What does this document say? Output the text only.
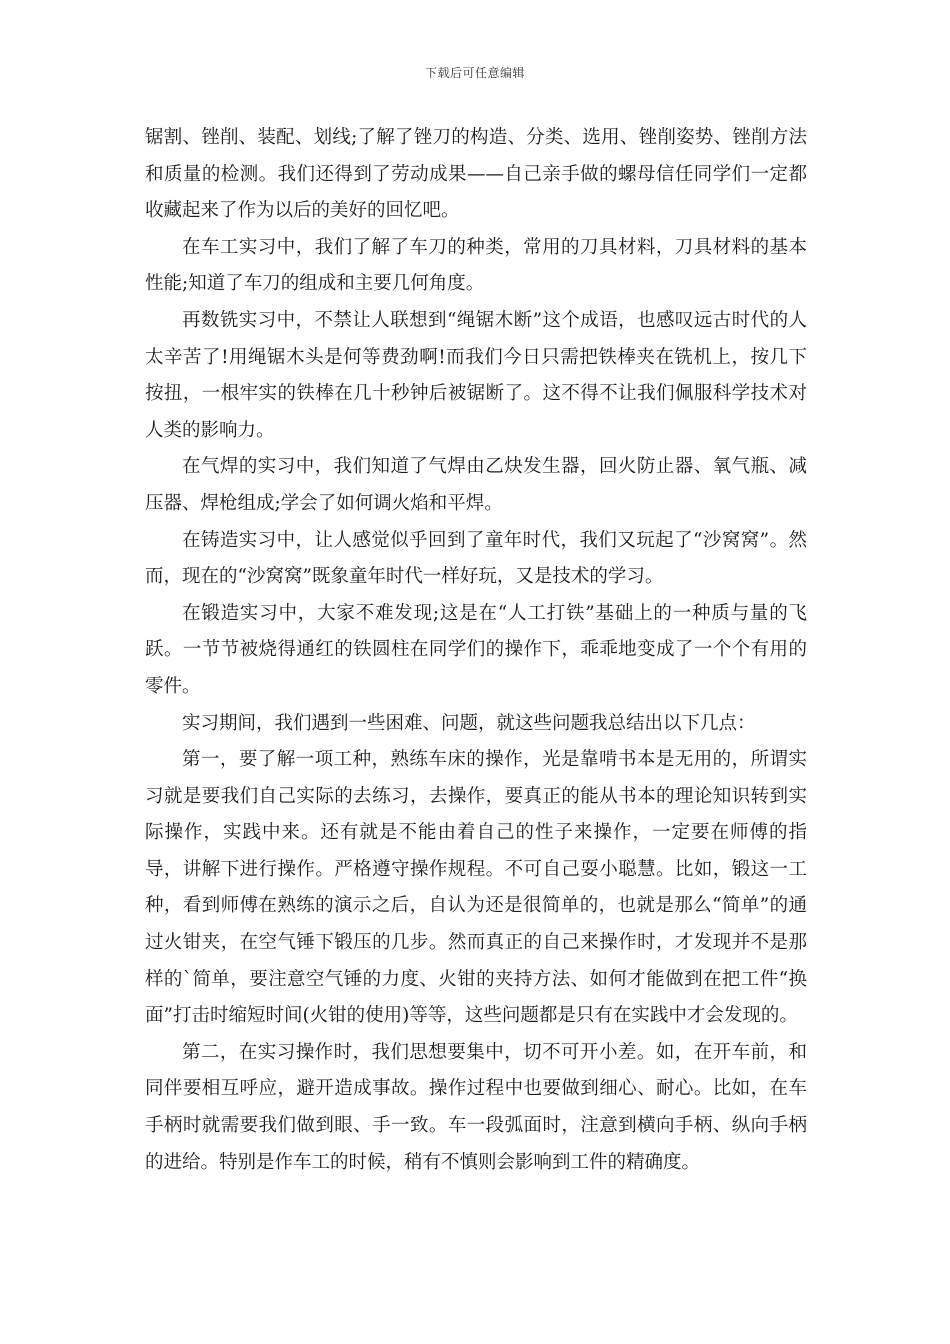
下载后可任意编辑

锯割、锉削、装配、划线;了解了锉刀的构造、分类、选用、锉削姿势、锉削方法和质量的检测。我们还得到了劳动成果——自己亲手做的螺母信任同学们一定都收藏起来了作为以后的美好的回忆吧。

在车工实习中，我们了解了车刀的种类，常用的刀具材料，刀具材料的基本性能;知道了车刀的组成和主要几何角度。

再数铣实习中，不禁让人联想到“绳锯木断”这个成语，也感叹远古时代的人太辛苦了!用绳锯木头是何等费劲啊!而我们今日只需把铁棒夹在铣机上，按几下按扭，一根牢实的铁棒在几十秒钟后被锯断了。这不得不让我们佩服科学技术对人类的影响力。

在气焊的实习中，我们知道了气焊由乙炔发生器，回火防止器、氧气瓶、减压器、焊枪组成;学会了如何调火焰和平焊。

在铸造实习中，让人感觉似乎回到了童年时代，我们又玩起了“沙窝窝”。然而，现在的“沙窝窝”既象童年时代一样好玩，又是技术的学习。

在锻造实习中，大家不难发现;这是在“人工打铁”基础上的一种质与量的飞跃。一节节被烧得通红的铁圆柱在同学们的操作下，乖乖地变成了一个个有用的零件。

实习期间，我们遇到一些困难、问题，就这些问题我总结出以下几点：

第一，要了解一项工种，熟练车床的操作，光是靠啃书本是无用的，所谓实习就是要我们自己实际的去练习，去操作，要真正的能从书本的理论知识转到实际操作，实践中来。还有就是不能由着自己的性子来操作，一定要在师傅的指导，讲解下进行操作。严格遵守操作规程。不可自己耍小聪慧。比如，锻这一工种，看到师傅在熟练的演示之后，自认为还是很简单的，也就是那么“简单”的通过火钳夹，在空气锤下锻压的几步。然而真正的自己来操作时，才发现并不是那样的`简单，要注意空气锤的力度、火钳的夹持方法、如何才能做到在把工件“换面”打击时缩短时间(火钳的使用)等等，这些问题都是只有在实践中才会发现的。

第二，在实习操作时，我们思想要集中，切不可开小差。如，在开车前，和同伴要相互呼应，避开造成事故。操作过程中也要做到细心、耐心。比如，在车手柄时就需要我们做到眼、手一致。车一段弧面时，注意到横向手柄、纵向手柄的进给。特别是作车工的时候，稍有不慎则会影响到工件的精确度。
